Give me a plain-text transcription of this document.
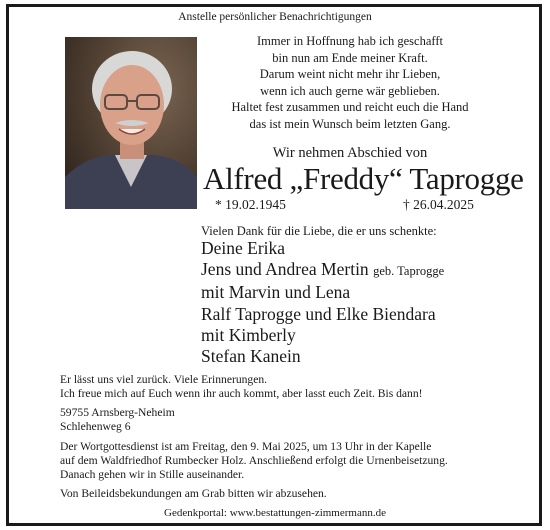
Anstelle persönlicher Benachrichtigungen
Immer in Hoffnung hab ich geschafft
bin nun am Ende meiner Kraft.
Darum weint nicht mehr ihr Lieben,
wenn ich auch gerne wär geblieben.
Haltet fest zusammen und reicht euch die Hand
das ist mein Wunsch beim letzten Gang.
Wir nehmen Abschied von
Alfred „Freddy“ Taprogge
* 19.02.1945	† 26.04.2025
Vielen Dank für die Liebe, die er uns schenkte:
Deine Erika
Jens und Andrea Mertin geb. Taprogge
mit Marvin und Lena
Ralf Taprogge und Elke Biendara
mit Kimberly
Stefan Kanein

Er lässt uns viel zurück. Viele Erinnerungen.

Ich freue mich auf Euch wenn ihr auch kommt, aber lasst euch Zeit. Bis dann!

59755 Arnsberg-Neheim

Schlehenweg 6

Der Wortgottesdienst ist am Freitag, den 9. Mai 2025, um 13 Uhr in der Kapelle

auf dem Waldfriedhof Rumbecker Holz. Anschließend erfolgt die Urnenbeisetzung.

Danach gehen wir in Stille auseinander.

Von Beileidsbekundungen am Grab bitten wir abzusehen.

Gedenkportal: www.bestattungen-zimmermann.de
